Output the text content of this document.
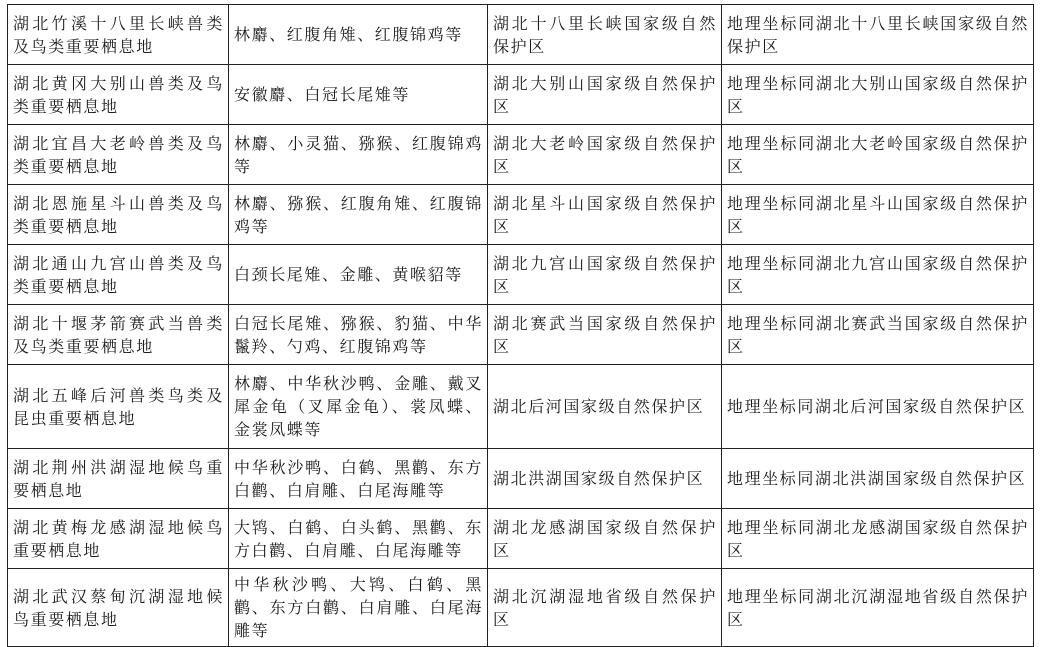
湖北竹溪十八里长峡兽类及鸟类重要栖息地	林麝、红腹角雉、红腹锦鸡等	湖北十八里长峡国家级自然保护区	地理坐标同湖北十八里长峡国家级自然保护区
湖北黄冈大别山兽类及鸟类重要栖息地	安徽麝、白冠长尾雉等	湖北大别山国家级自然保护区	地理坐标同湖北大别山国家级自然保护区
湖北宜昌大老岭兽类及鸟类重要栖息地	林麝、小灵猫、猕猴、红腹锦鸡等	湖北大老岭国家级自然保护区	地理坐标同湖北大老岭国家级自然保护区
湖北恩施星斗山兽类及鸟类重要栖息地	林麝、猕猴、红腹角雉、红腹锦鸡等	湖北星斗山国家级自然保护区	地理坐标同湖北星斗山国家级自然保护区
湖北通山九宫山兽类及鸟类重要栖息地	白颈长尾雉、金雕、黄喉貂等	湖北九宫山国家级自然保护区	地理坐标同湖北九宫山国家级自然保护区
湖北十堰茅箭赛武当兽类及鸟类重要栖息地	白冠长尾雉、猕猴、豹猫、中华鬣羚、勺鸡、红腹锦鸡等	湖北赛武当国家级自然保护区	地理坐标同湖北赛武当国家级自然保护区
湖北五峰后河兽类鸟类及昆虫重要栖息地	林麝、中华秋沙鸭、金雕、戴叉犀金龟（叉犀金龟）、裳凤蝶、金裳凤蝶等	湖北后河国家级自然保护区	地理坐标同湖北后河国家级自然保护区
湖北荆州洪湖湿地候鸟重要栖息地	中华秋沙鸭、白鹤、黑鹳、东方白鹳、白肩雕、白尾海雕等	湖北洪湖国家级自然保护区	地理坐标同湖北洪湖国家级自然保护区
湖北黄梅龙感湖湿地候鸟重要栖息地	大鸨、白鹤、白头鹤、黑鹳、东方白鹳、白肩雕、白尾海雕等	湖北龙感湖国家级自然保护区	地理坐标同湖北龙感湖国家级自然保护区
湖北武汉蔡甸沉湖湿地候鸟重要栖息地	中华秋沙鸭、大鸨、白鹤、黑鹳、东方白鹳、白肩雕、白尾海雕等	湖北沉湖湿地省级自然保护区	地理坐标同湖北沉湖湿地省级自然保护区
